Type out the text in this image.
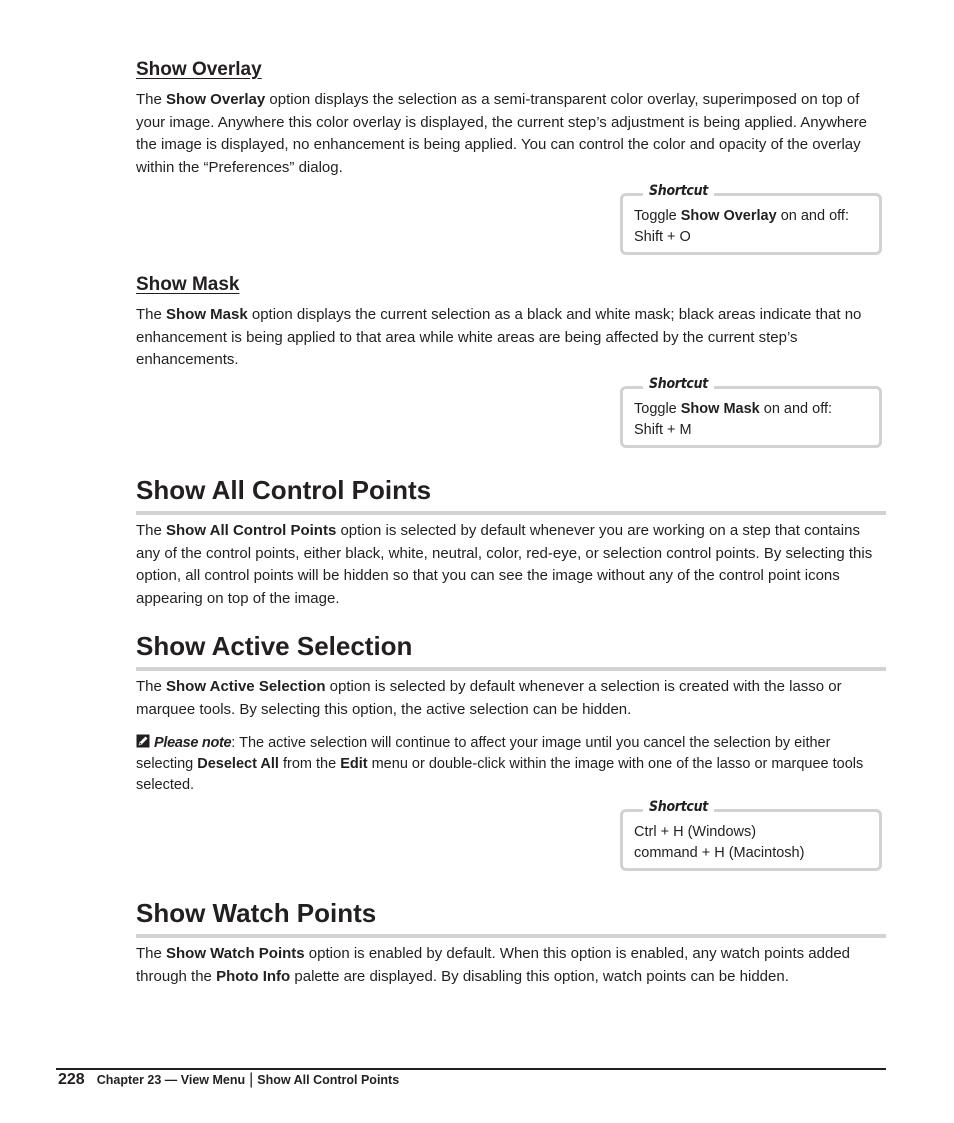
Show Overlay

The Show Overlay option displays the selection as a semi-transparent color overlay, superimposed on top of your image. Anywhere this color overlay is displayed, the current step’s adjustment is being applied. Anywhere the image is displayed, no enhancement is being applied. You can control the color and opacity of the overlay within the “Preferences” dialog.

Shortcut
Toggle Show Overlay on and off:
Shift + O
Show Mask

The Show Mask option displays the current selection as a black and white mask; black areas indicate that no enhancement is being applied to that area while white areas are being affected by the current step’s enhancements.

Shortcut
Toggle Show Mask on and off:
Shift + M
Show All Control Points

The Show All Control Points option is selected by default whenever you are working on a step that contains any of the control points, either black, white, neutral, color, red-eye, or selection control points. By selecting this option, all control points will be hidden so that you can see the image without any of the control point icons appearing on top of the image.

Show Active Selection

The Show Active Selection option is selected by default whenever a selection is created with the lasso or marquee tools. By selecting this option, the active selection can be hidden.

Please note: The active selection will continue to affect your image until you cancel the selection by either selecting Deselect All from the Edit menu or double-click within the image with one of the lasso or marquee tools selected.

Shortcut
Ctrl + H (Windows)
command + H (Macintosh)
Show Watch Points

The Show Watch Points option is enabled by default. When this option is enabled, any watch points added through the Photo Info palette are displayed. By disabling this option, watch points can be hidden.

228 Chapter 23 — View Menu | Show All Control Points
